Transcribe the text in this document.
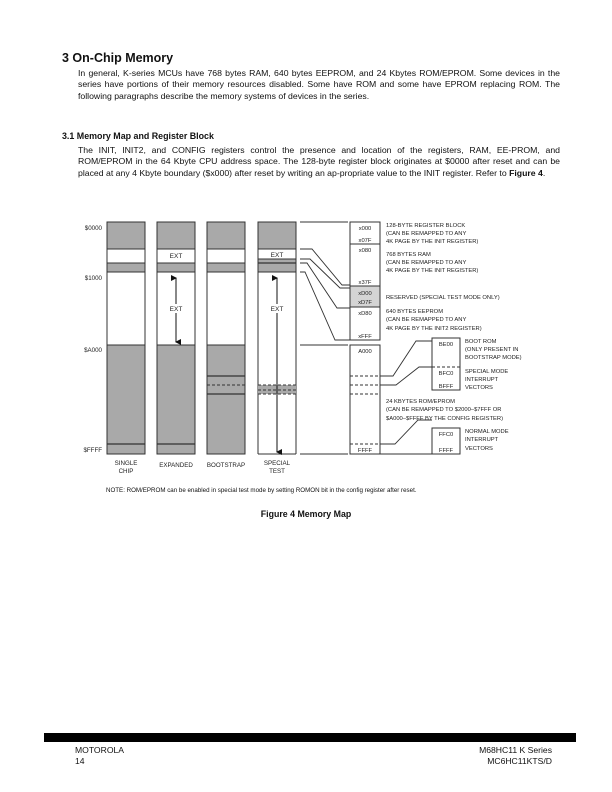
3 On-Chip Memory

In general, K-series MCUs have 768 bytes RAM, 640 bytes EEPROM, and 24 Kbytes ROM/EPROM. Some devices in the series have portions of their memory resources disabled. Some have ROM and some have EPROM replacing ROM. The following paragraphs describe the memory systems of devices in the series.

3.1 Memory Map and Register Block

The INIT, INIT2, and CONFIG registers control the presence and location of the registers, RAM, EE-PROM, and ROM/EPROM in the 64 Kbyte CPU address space. The 128-byte register block originates at $0000 after reset and can be placed at any 4 Kbyte boundary ($x000) after reset by writing an ap-propriate value to the INIT register. Refer to Figure 4.

$0000
$1000
$A000
$FFFF
EXT
EXT
EXT
EXT
SINGLE
CHIP
EXPANDED BOOTSTRAP	SPECIAL
TEST
x000
x07F
x080
x37F
xD00
xD7F
xD80
xFFF
A000
FFFF
BE00
BFC0
BFFF
FFC0
FFFF
128-BYTE REGISTER BLOCK
(CAN BE REMAPPED TO ANY
4K PAGE BY THE INIT REGISTER)
768 BYTES RAM
(CAN BE REMAPPED TO ANY
4K PAGE BY THE INIT REGISTER)
RESERVED (SPECIAL TEST MODE ONLY)
640 BYTES EEPROM
(CAN BE REMAPPED TO ANY
4K PAGE BY THE INIT2 REGISTER)
BOOT ROM
(ONLY PRESENT IN
BOOTSTRAP MODE)
SPECIAL MODE
INTERRUPT
VECTORS
24 KBYTES ROM/EPROM
(CAN BE REMAPPED TO $2000–$7FFF OR
$A000–$FFFF BY THE CONFIG REGISTER)
NORMAL MODE
INTERRUPT
VECTORS
NOTE: ROM/EPROM can be enabled in special test mode by setting ROMON bit in the config register after reset.
Figure 4 Memory Map
MOTOROLA
14
M68HC11 K Series
MC6HC11KTS/D
